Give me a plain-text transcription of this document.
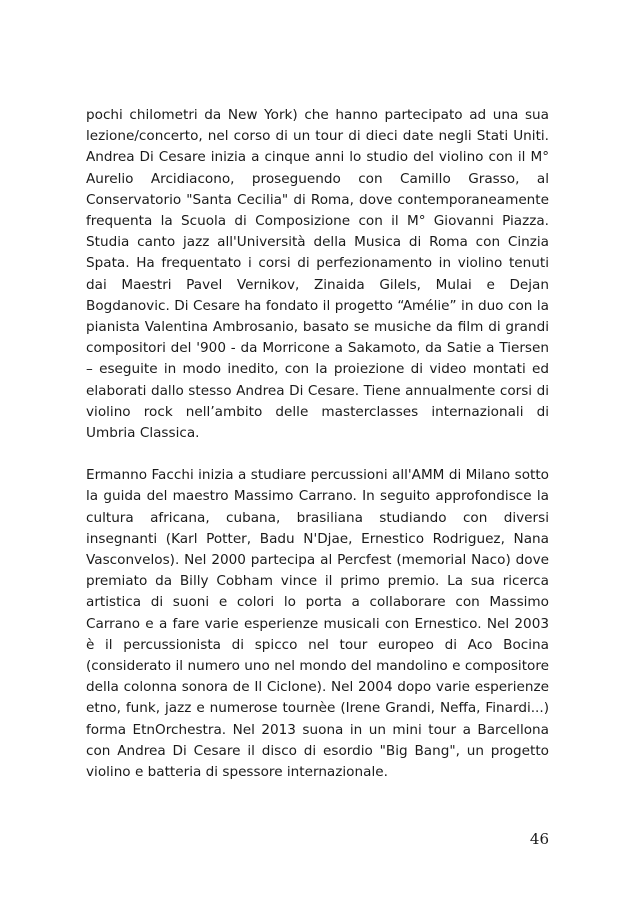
pochi chilometri da New York) che hanno partecipato ad una sua lezione/concerto, nel corso di un tour di dieci date negli Stati Uniti. Andrea Di Cesare inizia a cinque anni lo studio del violino con il M° Aurelio Arcidiacono, proseguendo con Camillo Grasso, al Conservatorio "Santa Cecilia" di Roma, dove contemporaneamente frequenta la Scuola di Composizione con il M° Giovanni Piazza. Studia canto jazz all'Università della Musica di Roma con Cinzia Spata. Ha frequentato i corsi di perfezionamento in violino tenuti dai Maestri Pavel Vernikov, Zinaida Gilels, Mulai e Dejan Bogdanovic. Di Cesare ha fondato il progetto “Amélie” in duo con la pianista Valentina Ambrosanio, basato se musiche da film di grandi compositori del '900 - da Morricone a Sakamoto, da Satie a Tiersen – eseguite in modo inedito, con la proiezione di video montati ed elaborati dallo stesso Andrea Di Cesare. Tiene annualmente corsi di violino rock nell’ambito delle masterclasses internazionali di Umbria Classica.

Ermanno Facchi inizia a studiare percussioni all'AMM di Milano sotto la guida del maestro Massimo Carrano. In seguito approfondisce la cultura africana, cubana, brasiliana studiando con diversi insegnanti (Karl Potter, Badu N'Djae, Ernestico Rodriguez, Nana Vasconvelos). Nel 2000 partecipa al Percfest (memorial Naco) dove premiato da Billy Cobham vince il primo premio. La sua ricerca artistica di suoni e colori lo porta a collaborare con Massimo Carrano e a fare varie esperienze musicali con Ernestico. Nel 2003 è il percussionista di spicco nel tour europeo di Aco Bocina (considerato il numero uno nel mondo del mandolino e compositore della colonna sonora de Il Ciclone). Nel 2004 dopo varie esperienze etno, funk, jazz e numerose tournèe (Irene Grandi, Neffa, Finardi...) forma EtnOrchestra. Nel 2013 suona in un mini tour a Barcellona con Andrea Di Cesare il disco di esordio "Big Bang", un progetto violino e batteria di spessore internazionale.

46
